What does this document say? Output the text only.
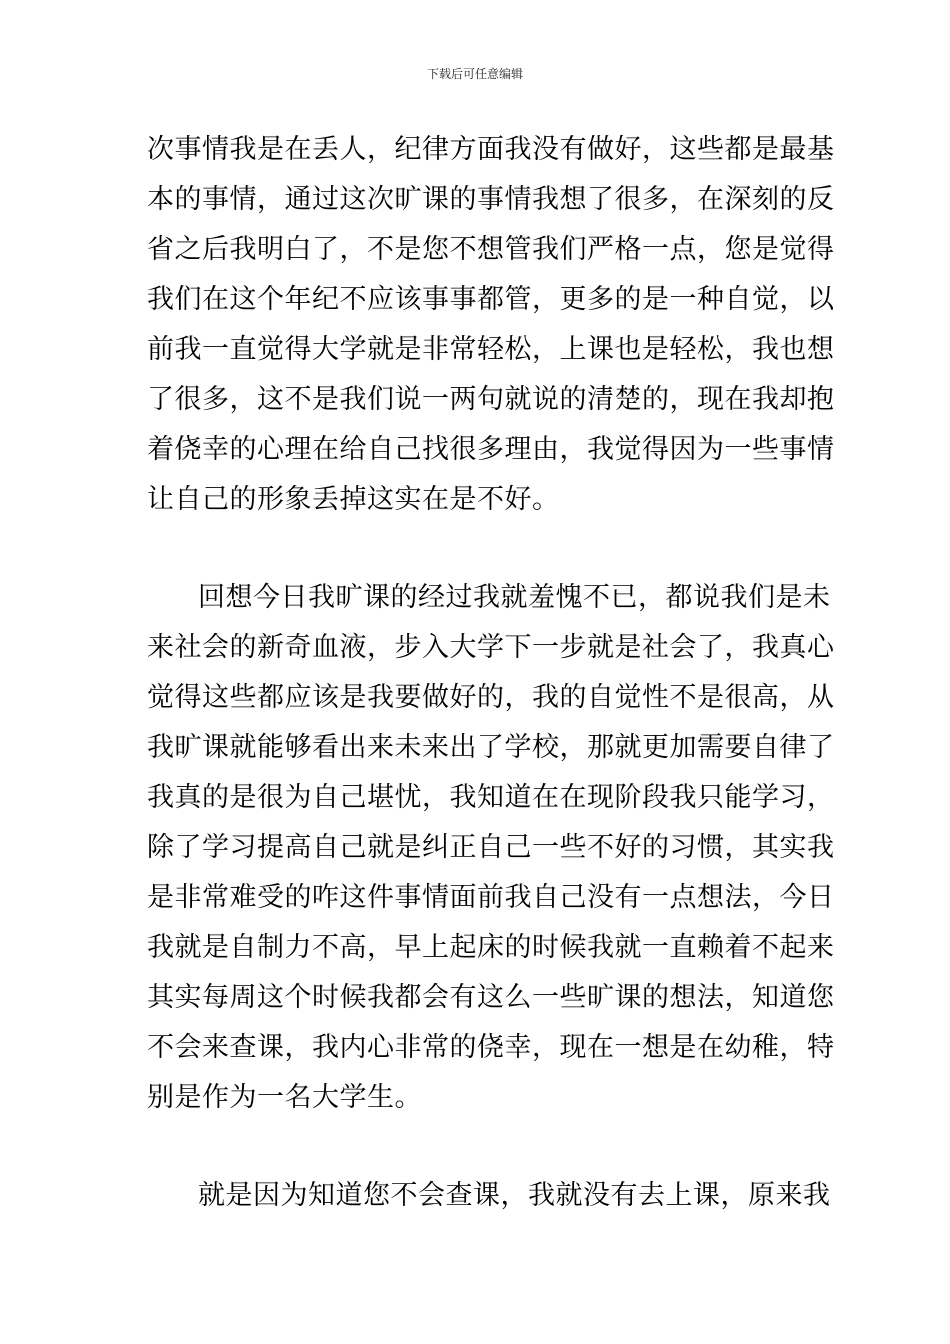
下载后可任意编辑
次事情我是在丢人，纪律方面我没有做好，这些都是最基
本的事情，通过这次旷课的事情我想了很多，在深刻的反
省之后我明白了，不是您不想管我们严格一点，您是觉得
我们在这个年纪不应该事事都管，更多的是一种自觉，以
前我一直觉得大学就是非常轻松，上课也是轻松，我也想
了很多，这不是我们说一两句就说的清楚的，现在我却抱
着侥幸的心理在给自己找很多理由，我觉得因为一些事情
让自己的形象丢掉这实在是不好。
回想今日我旷课的经过我就羞愧不已，都说我们是未
来社会的新奇血液，步入大学下一步就是社会了，我真心
觉得这些都应该是我要做好的，我的自觉性不是很高，从
我旷课就能够看出来未来出了学校，那就更加需要自律了
我真的是很为自己堪忧，我知道在在现阶段我只能学习，
除了学习提高自己就是纠正自己一些不好的习惯，其实我
是非常难受的咋这件事情面前我自己没有一点想法，今日
我就是自制力不高，早上起床的时候我就一直赖着不起来
其实每周这个时候我都会有这么一些旷课的想法，知道您
不会来查课，我内心非常的侥幸，现在一想是在幼稚，特
别是作为一名大学生。
就是因为知道您不会查课，我就没有去上课，原来我
